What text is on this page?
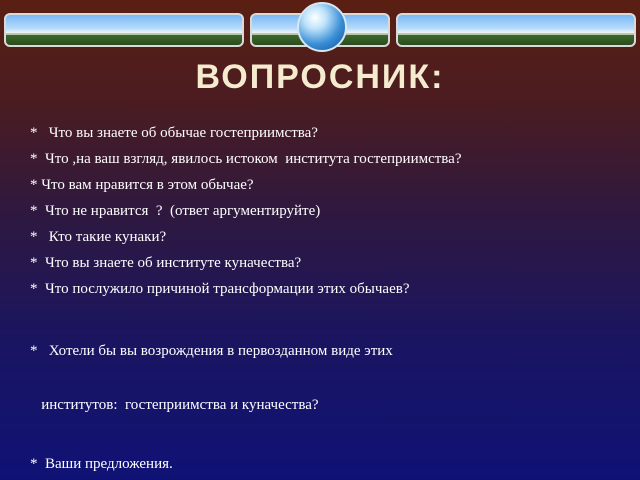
ВОПРОСНИК:
*   Что вы знаете об обычае гостеприимства?
*  Что ,на ваш взгляд, явилось истоком  института гостеприимства?
* Что вам нравится в этом обычае?
*  Что не нравится  ?  (ответ аргументируйте)
*   Кто такие кунаки?
*  Что вы знаете об институте куначества?
*  Что послужило причиной трансформации этих обычаев?

*   Хотели бы вы возрождения в первозданном виде этих

институтов:  гостеприимства и куначества?

*  Ваши предложения.
